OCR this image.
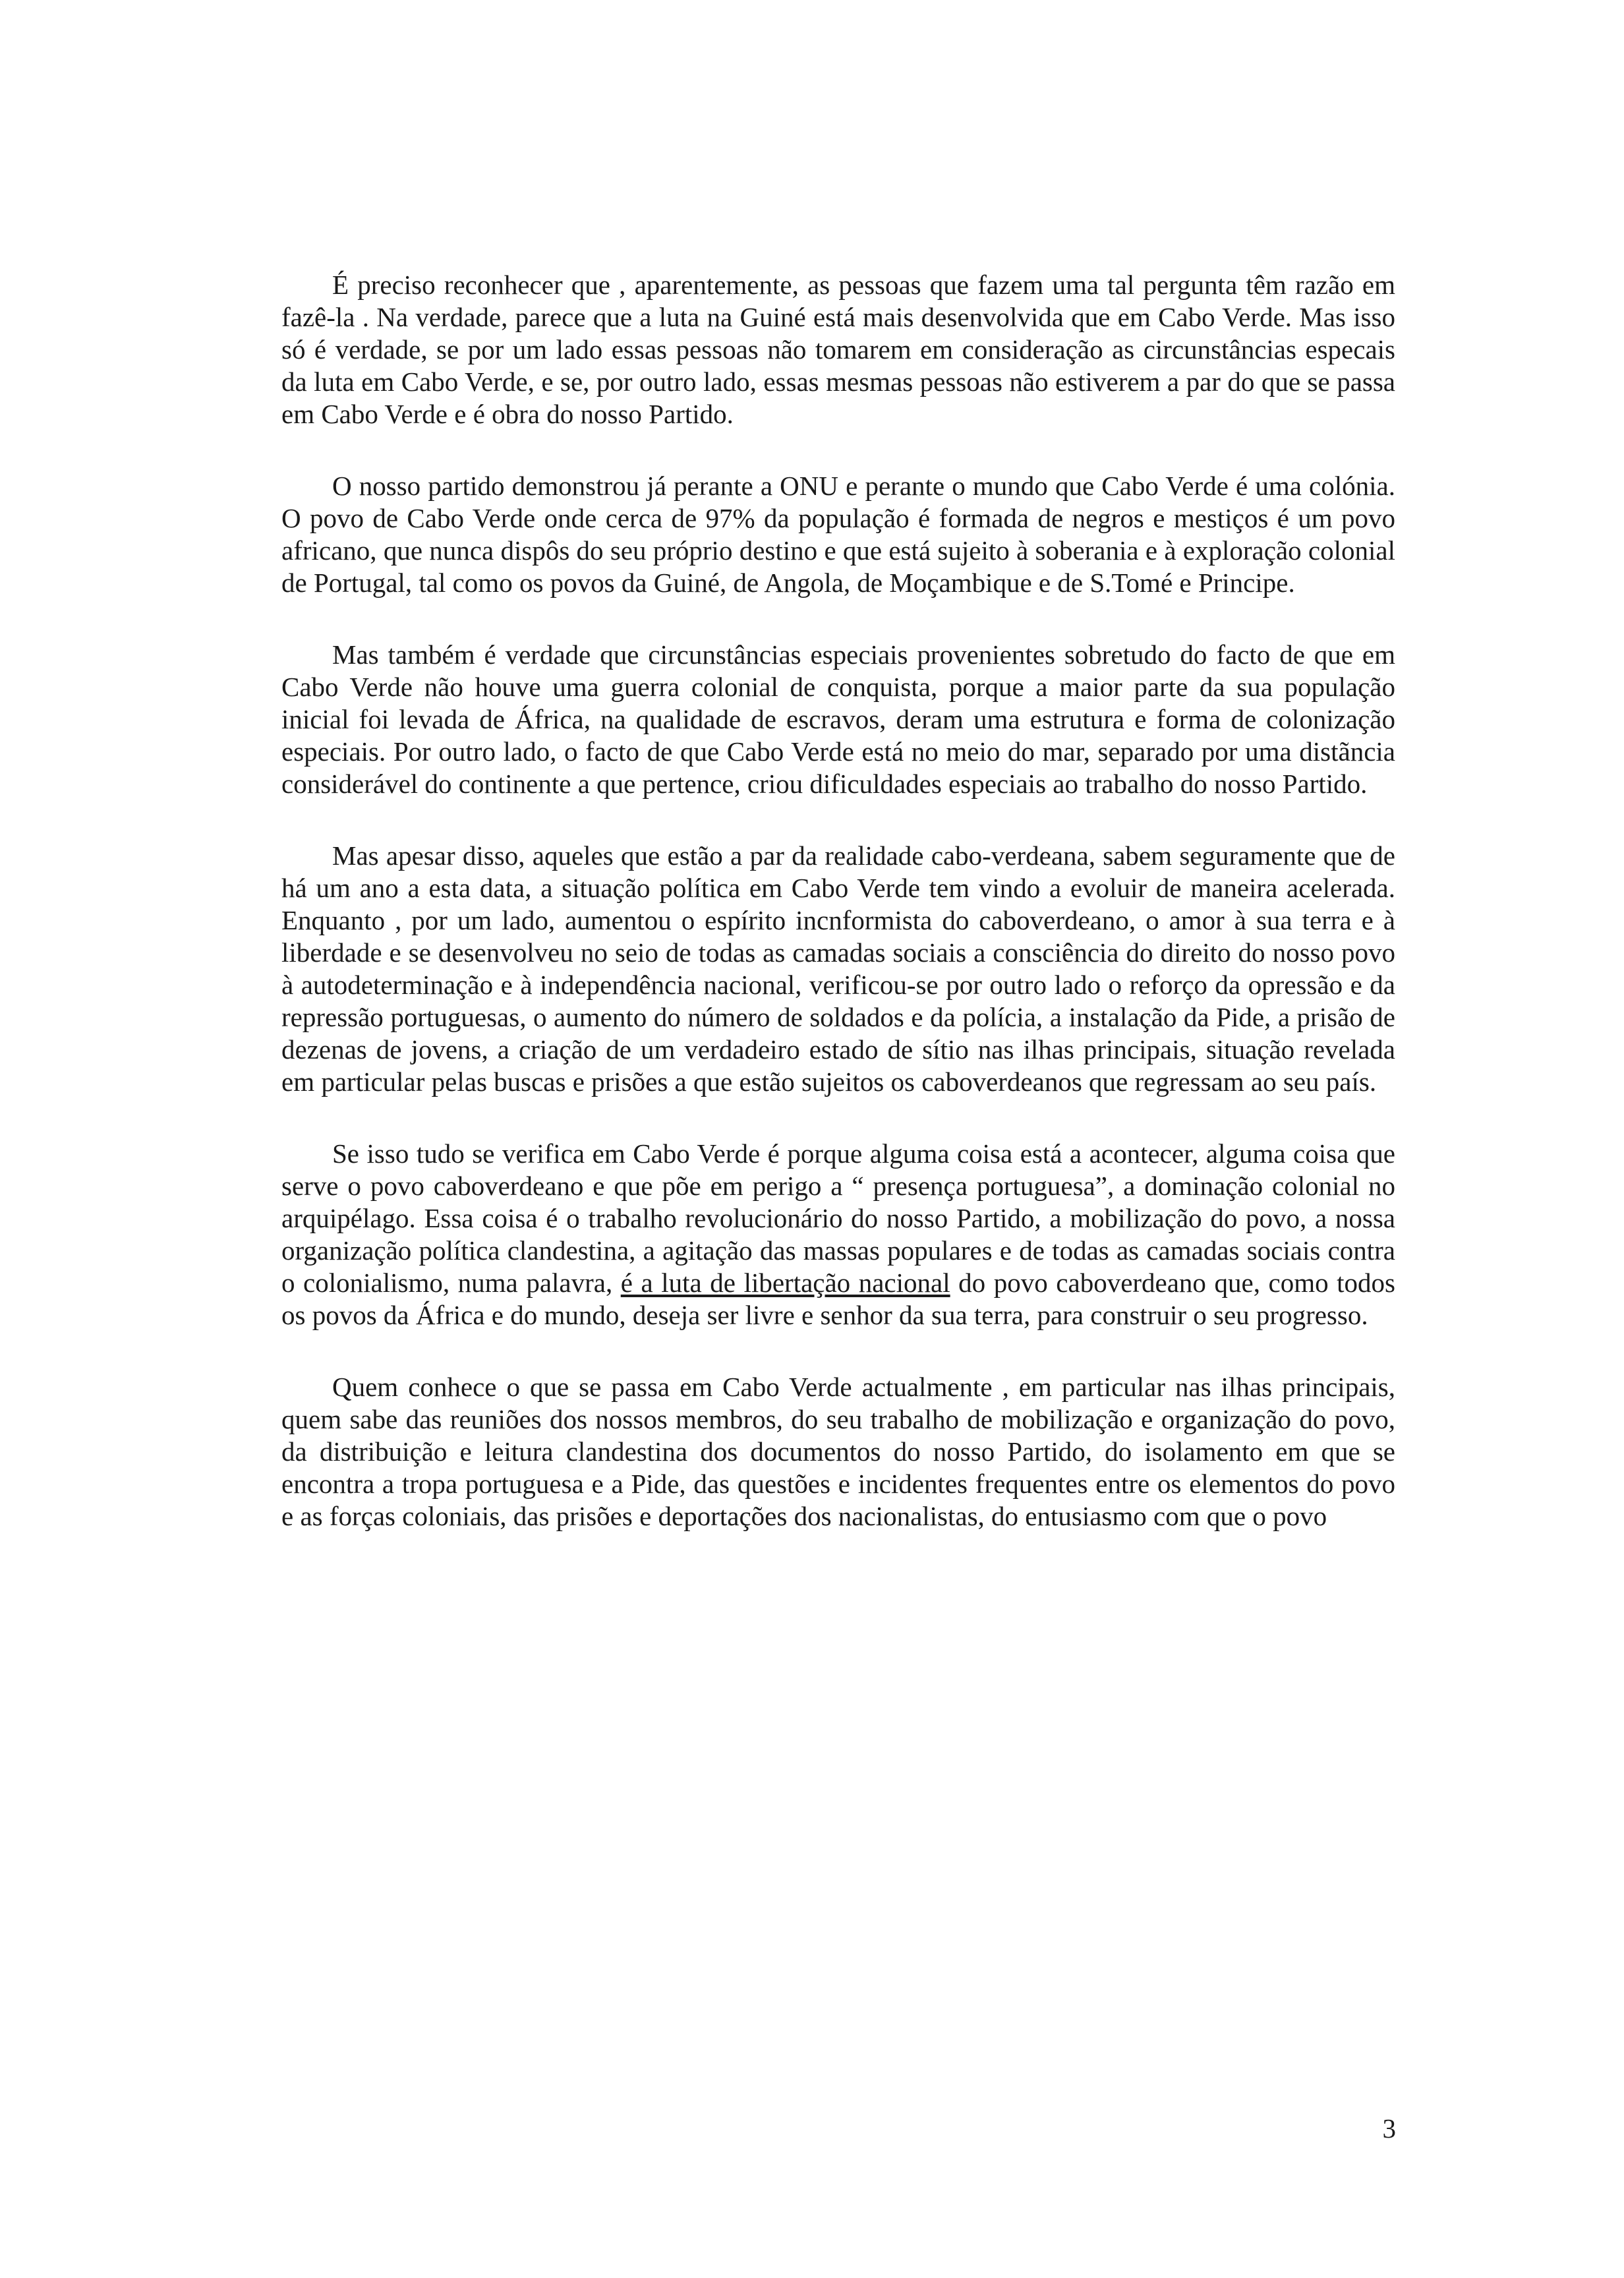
É preciso reconhecer que , aparentemente, as pessoas que fazem uma tal pergunta têm razão em fazê-la . Na verdade, parece que a luta na Guiné está mais desenvolvida que em Cabo Verde. Mas isso só é verdade, se por um lado essas pessoas não tomarem em consideração as circunstâncias especais da luta em Cabo Verde, e se, por outro lado, essas mesmas pessoas não estiverem a par do que se passa em Cabo Verde e é obra do nosso Partido.

O nosso partido demonstrou já perante a ONU e perante o mundo que Cabo Verde é uma colónia. O povo de Cabo Verde onde cerca de 97% da população é formada de negros e mestiços é um povo africano, que nunca dispôs do seu próprio destino e que está sujeito à soberania e à exploração colonial de Portugal, tal como os povos da Guiné, de Angola, de Moçambique e de S.Tomé e Principe.

Mas também é verdade que circunstâncias especiais provenientes sobretudo do facto de que em Cabo Verde não houve uma guerra colonial de conquista, porque a maior parte da sua população inicial foi levada de África, na qualidade de escravos, deram uma estrutura e forma de colonização especiais. Por outro lado, o facto de que Cabo Verde está no meio do mar, separado por uma distãncia considerável do continente a que pertence, criou dificuldades especiais ao trabalho do nosso Partido.

Mas apesar disso, aqueles que estão a par da realidade cabo-verdeana, sabem seguramente que de há um ano a esta data, a situação política em Cabo Verde tem vindo a evoluir de maneira acelerada. Enquanto , por um lado, aumentou o espírito incnformista do caboverdeano, o amor à sua terra e à liberdade e se desenvolveu no seio de todas as camadas sociais a consciência do direito do nosso povo à autodeterminação e à independência nacional, verificou-se por outro lado o reforço da opressão e da repressão portuguesas, o aumento do número de soldados e da polícia, a instalação da Pide, a prisão de dezenas de jovens, a criação de um verdadeiro estado de sítio nas ilhas principais, situação revelada em particular pelas buscas e prisões a que estão sujeitos os caboverdeanos que regressam ao seu país.

Se isso tudo se verifica em Cabo Verde é porque alguma coisa está a acontecer, alguma coisa que serve o povo caboverdeano e que põe em perigo a “ presença portuguesa”, a dominação colonial no arquipélago. Essa coisa é o trabalho revolucionário do nosso Partido, a mobilização do povo, a nossa organização política clandestina, a agitação das massas populares e de todas as camadas sociais contra o colonialismo, numa palavra, é a luta de libertação nacional do povo caboverdeano que, como todos os povos da África e do mundo, deseja ser livre e senhor da sua terra, para construir o seu progresso.

Quem conhece o que se passa em Cabo Verde actualmente , em particular nas ilhas principais, quem sabe das reuniões dos nossos membros, do seu trabalho de mobilização e organização do povo, da distribuição e leitura clandestina dos documentos do nosso Partido, do isolamento em que se encontra a tropa portuguesa e a Pide, das questões e incidentes frequentes entre os elementos do povo e as forças coloniais, das prisões e deportações dos nacionalistas, do entusiasmo com que o povo

3
